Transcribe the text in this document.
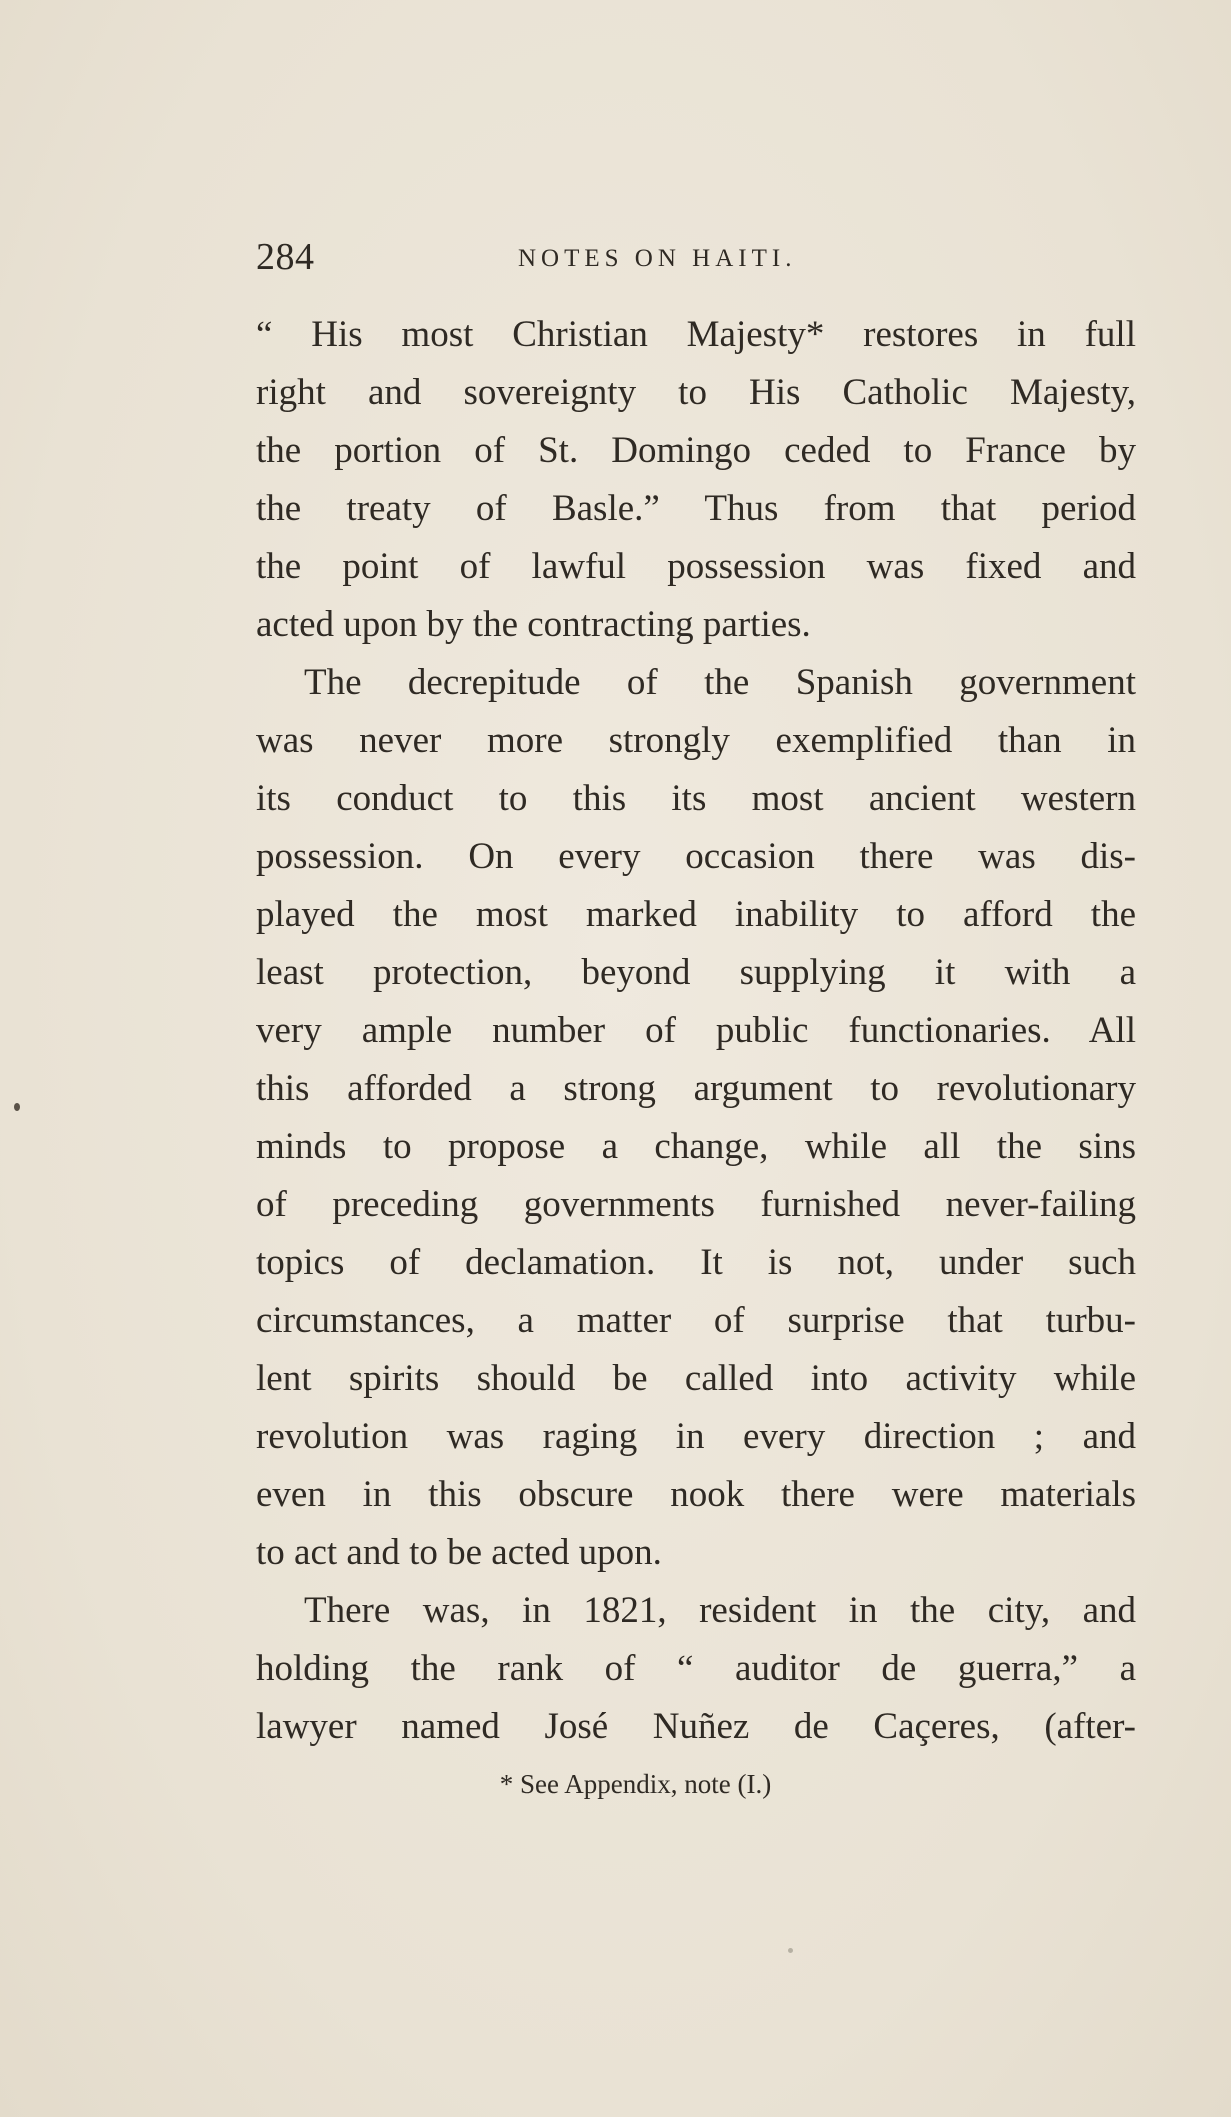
284	NOTES ON HAITI.
“ His most Christian Majesty* restores in full
right and sovereignty to His Catholic Majesty,
the portion of St. Domingo ceded to France by
the treaty of Basle.” Thus from that period
the point of lawful possession was fixed and
acted upon by the contracting parties.
The decrepitude of the Spanish government
was never more strongly exemplified than in
its conduct to this its most ancient western
possession. On every occasion there was dis-
played the most marked inability to afford the
least protection, beyond supplying it with a
very ample number of public functionaries. All
this afforded a strong argument to revolutionary
minds to propose a change, while all the sins
of preceding governments furnished never-failing
topics of declamation. It is not, under such
circumstances, a matter of surprise that turbu-
lent spirits should be called into activity while
revolution was raging in every direction ; and
even in this obscure nook there were materials
to act and to be acted upon.
There was, in 1821, resident in the city, and
holding the rank of “ auditor de guerra,” a
lawyer named José Nuñez de Caçeres, (after-
* See Appendix, note (I.)
